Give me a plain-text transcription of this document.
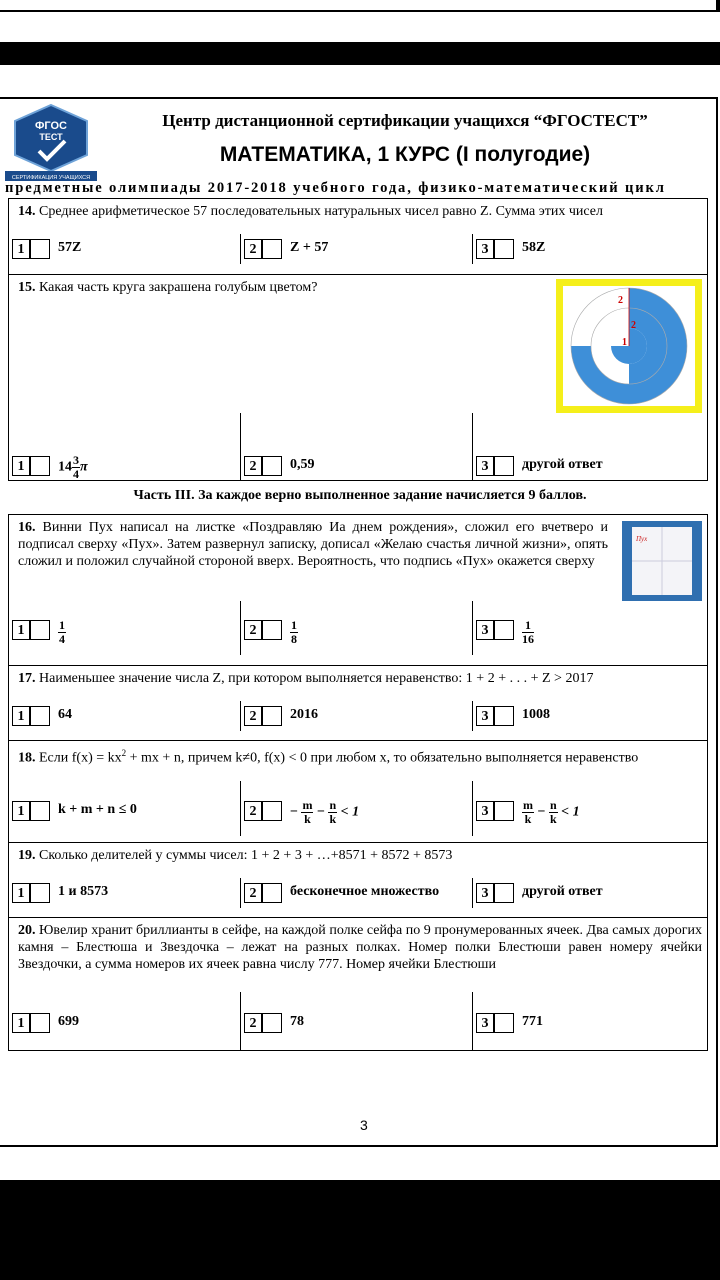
ФГОС
ТЕСТ
СЕРТИФИКАЦИЯ УЧАЩИХСЯ
Центр дистанционной сертификации учащихся “ФГОСТЕСТ”
МАТЕМАТИКА, 1 КУРС (I полугодие)
предметные олимпиады 2017-2018 учебного года, физико-математический цикл
14. Среднее арифметическое 57 последовательных натуральных чисел равно Z. Сумма этих чисел
1	57Z	2	Z + 57	3	58Z
15. Какая часть круга закрашена голубым цветом?
2
2
1
1	$14 \frac{3}{4}$ π	2	0,59	3	другой ответ
Часть III. За каждое верно выполненное задание начисляется 9 баллов.
16. Винни Пух написал на листке «Поздравляю Иа днем рождения», сложил его вчетверо и подписал сверху «Пух». Затем развернул записку, дописал «Желаю счастья личной жизни», опять сложил и положил случайной стороной вверх. Вероятность, что подпись «Пух» окажется сверху
Пух
1	$\frac{1}{4}$	2	$\frac{1}{8}$	3	$\frac{1}{16}$
17. Наименьшее значение числа Z, при котором выполняется неравенство: 1 + 2 + . . . + Z > 2017
1	64	2	2016	3	1008
18. Если $f(x) = kx^2$ + mx + n, причем k≠0, f(x) < 0 при любом x, то обязательно выполняется неравенство
1	k + m + n ≤ 0	2	− $\frac{m}{k} - \frac{n}{k} < 1$	3	$\frac{m}{k} - \frac{n}{k} < 1$
19. Сколько делителей у суммы чисел: 1 + 2 + 3 + …+8571 + 8572 + 8573
1	1 и 8573	2	бесконечное множество	3	другой ответ
20. Ювелир хранит бриллианты в сейфе, на каждой полке сейфа по 9 пронумерованных ячеек. Два самых дорогих камня – Блестюша и Звездочка – лежат на разных полках. Номер полки Блестюши равен номеру ячейки Звездочки, а сумма номеров их ячеек равна числу 777. Номер ячейки Блестюши
1	699	2	78	3	771
3
